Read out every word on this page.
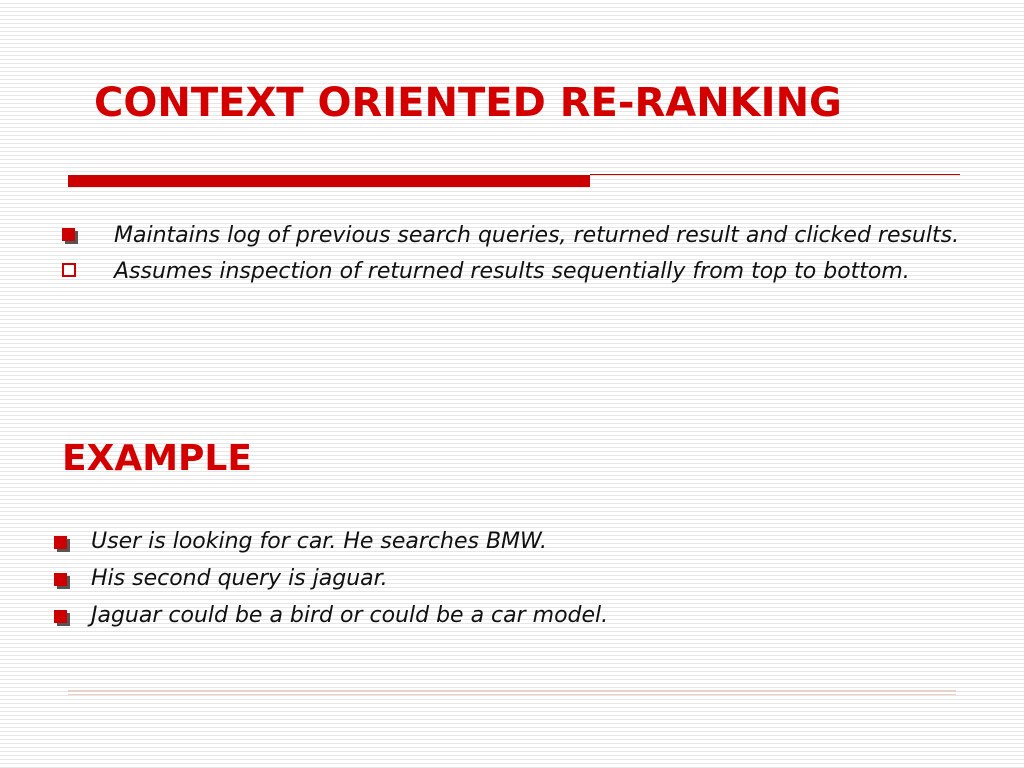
CONTEXT ORIENTED RE-RANKING
Maintains log of previous search queries, returned result and clicked results.
Assumes inspection of returned results sequentially from top to bottom.
EXAMPLE
User is looking for car. He searches BMW.
His second query is jaguar.
Jaguar could be a bird or could be a car model.
